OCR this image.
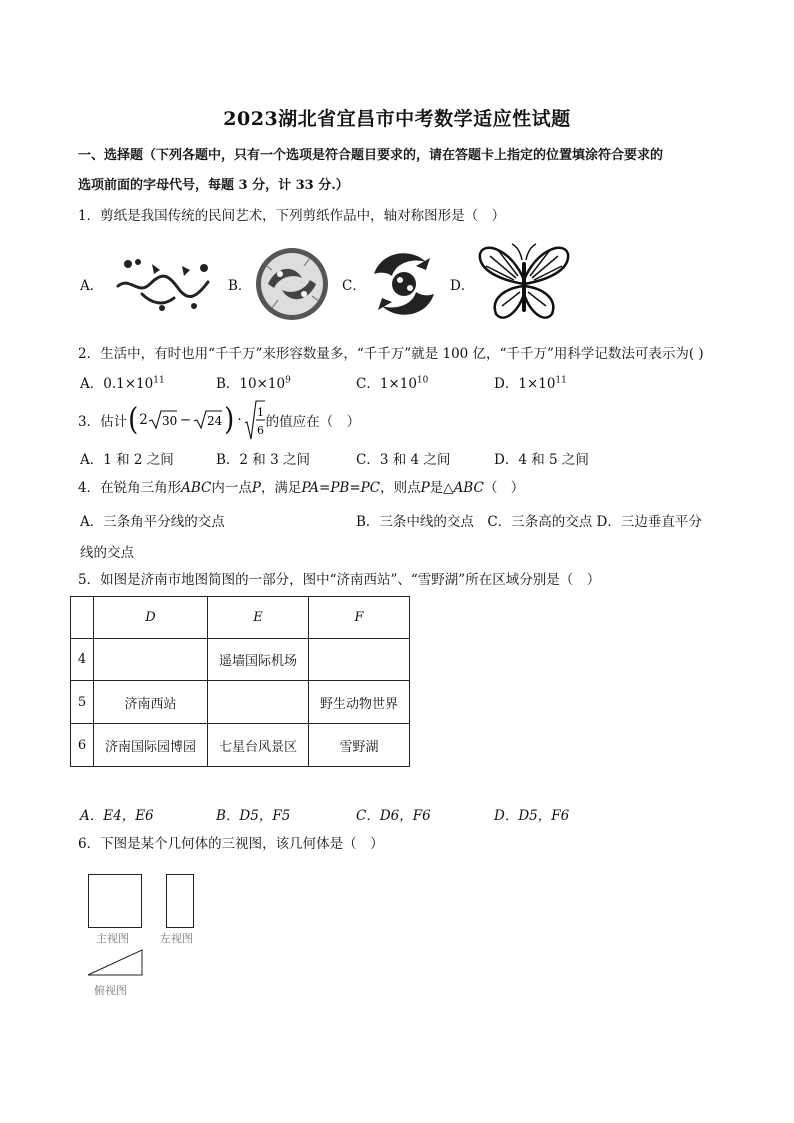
2023湖北省宜昌市中考数学适应性试题
一、选择题（下列各题中，只有一个选项是符合题目要求的，请在答题卡上指定的位置填涂符合要求的
选项前面的字母代号，每题 3 分，计 33 分.）
1．剪纸是我国传统的民间艺术，下列剪纸作品中，轴对称图形是（　）
A．	B．	C．	D．
2．生活中，有时也用“千千万”来形容数量多，“千千万”就是 100 亿，“千千万”用科学记数法可表示为( )
A．$0.1\times 10^{11}$	B．$10\times 10^9$	C．$1\times 10^{10}$	D．$1\times 10^{11}$
3．估计 ( 2 30 − 24 ) · 1
6
的值应在（　）
A．1 和 2 之间	B．2 和 3 之间	C．3 和 4 之间	D．4 和 5 之间
4．在锐角三角形ABC内一点P，满足PA=PB=PC，则点P是△ABC（　）
A．三条角平分线的交点	B．三条中线的交点　C．三条高的交点 D．三边垂直平分
线的交点
5．如图是济南市地图简图的一部分，图中“济南西站”、“雪野湖”所在区域分别是（　）
	D	E	F
4		遥墙国际机场	
5	济南西站		野生动物世界
6	济南国际园博园	七星台风景区	雪野湖
A．E4，E6	B．D5，F5	C．D6，F6	D．D5，F6
6．下图是某个几何体的三视图，该几何体是（　）
主视图	左视图
俯视图
